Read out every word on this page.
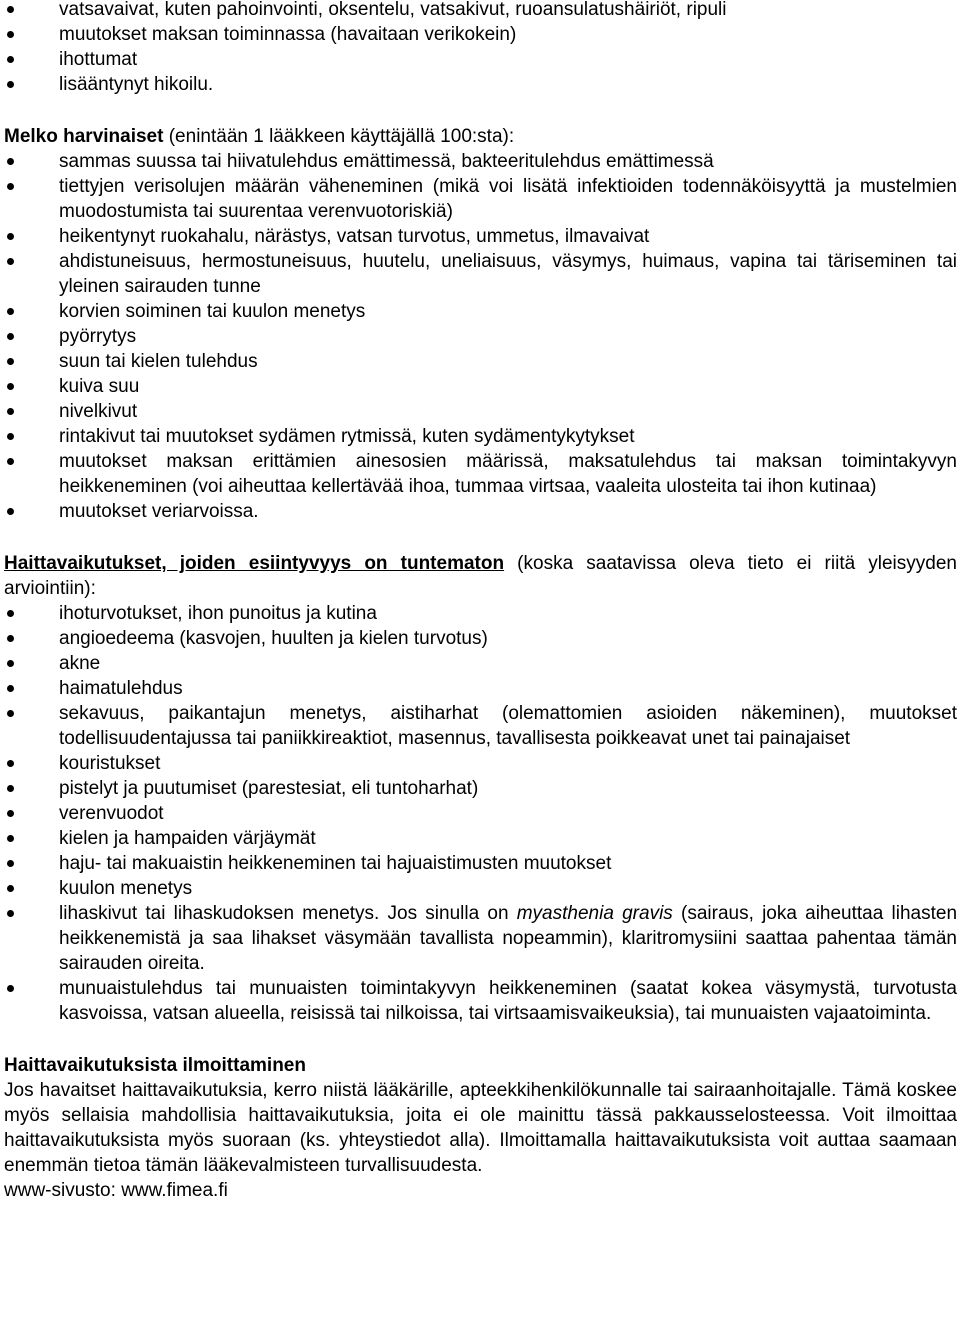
vatsavaivat, kuten pahoinvointi, oksentelu, vatsakivut, ruoansulatushäiriöt, ripuli
muutokset maksan toiminnassa (havaitaan verikokein)
ihottumat
lisääntynyt hikoilu.

Melko harvinaiset (enintään 1 lääkkeen käyttäjällä 100:sta):

sammas suussa tai hiivatulehdus emättimessä, bakteeritulehdus emättimessä
tiettyjen verisolujen määrän väheneminen (mikä voi lisätä infektioiden todennäköisyyttä ja mustelmien muodostumista tai suurentaa verenvuotoriskiä)
heikentynyt ruokahalu, närästys, vatsan turvotus, ummetus, ilmavaivat
ahdistuneisuus, hermostuneisuus, huutelu, uneliaisuus, väsymys, huimaus, vapina tai täriseminen tai yleinen sairauden tunne
korvien soiminen tai kuulon menetys
pyörrytys
suun tai kielen tulehdus
kuiva suu
nivelkivut
rintakivut tai muutokset sydämen rytmissä, kuten sydämentykytykset
muutokset maksan erittämien ainesosien määrissä, maksatulehdus tai maksan toimintakyvyn heikkeneminen (voi aiheuttaa kellertävää ihoa, tummaa virtsaa, vaaleita ulosteita tai ihon kutinaa)
muutokset veriarvoissa.

Haittavaikutukset, joiden esiintyvyys on tuntematon (koska saatavissa oleva tieto ei riitä yleisyyden arviointiin):

ihoturvotukset, ihon punoitus ja kutina
angioedeema (kasvojen, huulten ja kielen turvotus)
akne
haimatulehdus
sekavuus, paikantajun menetys, aistiharhat (olemattomien asioiden näkeminen), muutokset todellisuudentajussa tai paniikkireaktiot, masennus, tavallisesta poikkeavat unet tai painajaiset
kouristukset
pistelyt ja puutumiset (parestesiat, eli tuntoharhat)
verenvuodot
kielen ja hampaiden värjäymät
haju- tai makuaistin heikkeneminen tai hajuaistimusten muutokset
kuulon menetys
lihaskivut tai lihaskudoksen menetys. Jos sinulla on myasthenia gravis (sairaus, joka aiheuttaa lihasten heikkenemistä ja saa lihakset väsymään tavallista nopeammin), klaritromysiini saattaa pahentaa tämän sairauden oireita.
munuaistulehdus tai munuaisten toimintakyvyn heikkeneminen (saatat kokea väsymystä, turvotusta kasvoissa, vatsan alueella, reisissä tai nilkoissa, tai virtsaamisvaikeuksia), tai munuaisten vajaatoiminta.

Haittavaikutuksista ilmoittaminen

Jos havaitset haittavaikutuksia, kerro niistä lääkärille, apteekkihenkilökunnalle tai sairaanhoitajalle. Tämä koskee myös sellaisia mahdollisia haittavaikutuksia, joita ei ole mainittu tässä pakkausselosteessa. Voit ilmoittaa haittavaikutuksista myös suoraan (ks. yhteystiedot alla). Ilmoittamalla haittavaikutuksista voit auttaa saamaan enemmän tietoa tämän lääkevalmisteen turvallisuudesta.

www-sivusto: www.fimea.fi
